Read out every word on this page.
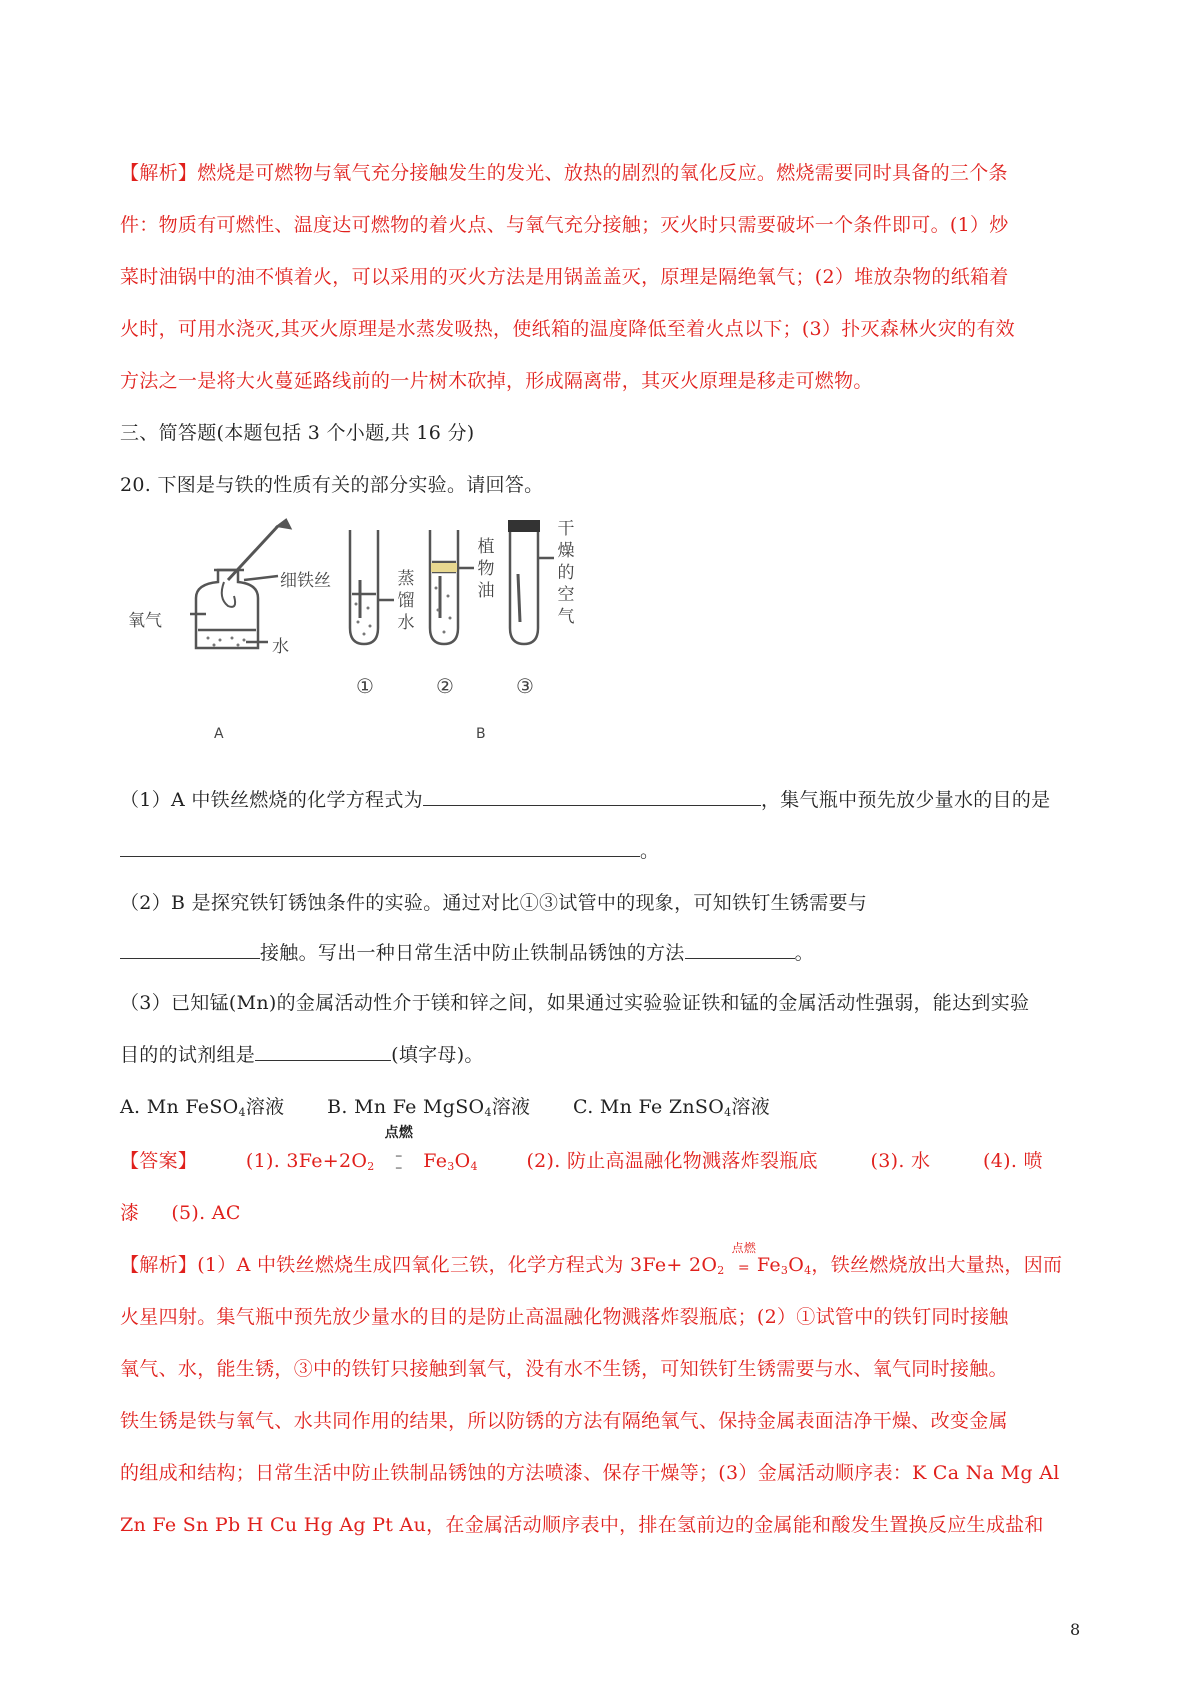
【解析】燃烧是可燃物与氧气充分接触发生的发光、放热的剧烈的氧化反应。燃烧需要同时具备的三个条
件：物质有可燃性、温度达可燃物的着火点、与氧气充分接触；灭火时只需要破坏一个条件即可。(1）炒
菜时油锅中的油不慎着火，可以采用的灭火方法是用锅盖盖灭，原理是隔绝氧气；(2）堆放杂物的纸箱着
火时，可用水浇灭,其灭火原理是水蒸发吸热，使纸箱的温度降低至着火点以下；(3）扑灭森林火灾的有效
方法之一是将大火蔓延路线前的一片树木砍掉，形成隔离带，其灭火原理是移走可燃物。
三、简答题(本题包括 3 个小题,共 16 分)
20. 下图是与铁的性质有关的部分实验。请回答。
氧气
细铁丝
水
蒸
馏
水
植
物
油
干
燥
的
空
气
①	②	③
A	B
（1）A 中铁丝燃烧的化学方程式为	，集气瓶中预先放少量水的目的是
。
（2）B 是探究铁钉锈蚀条件的实验。通过对比①③试管中的现象，可知铁钉生锈需要与
接触。写出一种日常生活中防止铁制品锈蚀的方法	。
（3）已知锰(Mn)的金属活动性介于镁和锌之间，如果通过实验验证铁和锰的金属活动性强弱，能达到实验
目的的试剂组是	(填字母)。
A. Mn FeSO$_4$溶液 B. Mn Fe MgSO$_4$溶液 C. Mn Fe ZnSO$_4$溶液
【答案】	(1). $3Fe+2O_2$
点燃
–
–	$Fe_3O_4$	(2). 防止高温融化物溅落炸裂瓶底	(3). 水	(4). 喷
漆 (5). AC
【解析】(1）A 中铁丝燃烧生成四氧化三铁，化学方程式为 $3Fe+ 2O_2$
点燃
= $Fe_3O_4$，铁丝燃烧放出大量热，因而
火星四射。集气瓶中预先放少量水的目的是防止高温融化物溅落炸裂瓶底；(2）①试管中的铁钉同时接触
氧气、水，能生锈，③中的铁钉只接触到氧气，没有水不生锈，可知铁钉生锈需要与水、氧气同时接触。
铁生锈是铁与氧气、水共同作用的结果，所以防锈的方法有隔绝氧气、保持金属表面洁净干燥、改变金属
的组成和结构；日常生活中防止铁制品锈蚀的方法喷漆、保存干燥等；(3）金属活动顺序表：K Ca Na Mg Al
Zn Fe Sn Pb H Cu Hg Ag Pt Au，在金属活动顺序表中，排在氢前边的金属能和酸发生置换反应生成盐和
8
